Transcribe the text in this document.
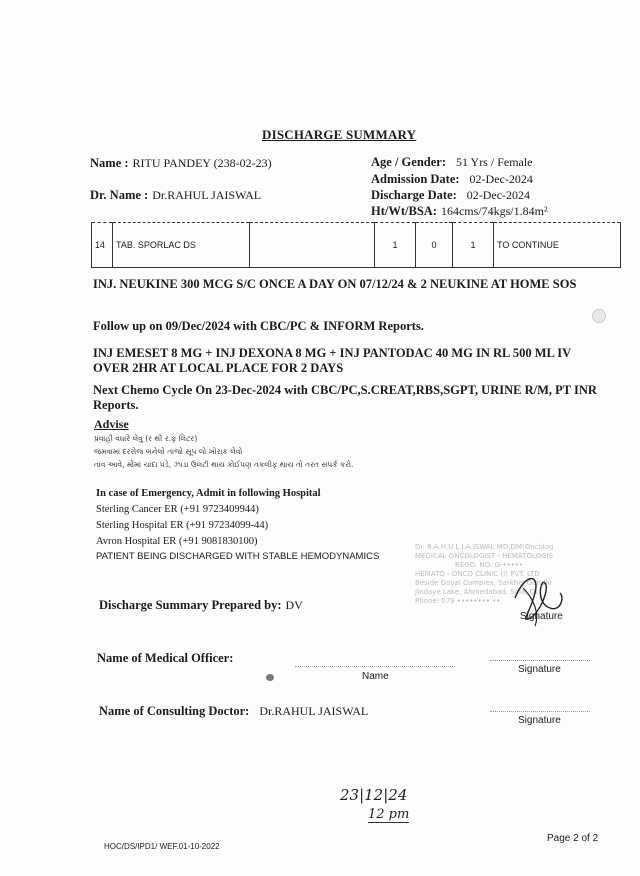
DISCHARGE SUMMARY
Name : RITU PANDEY (238-02-23)
Dr. Name : Dr.RAHUL JAISWAL
Age / Gender: 51 Yrs / Female
Admission Date: 02-Dec-2024
Discharge Date: 02-Dec-2024
Ht/Wt/BSA: 164cms/74kgs/1.84m²
14	TAB. SPORLAC DS		1	0	1	TO CONTINUE
INJ. NEUKINE 300 MCG S/C ONCE A DAY ON 07/12/24 & 2 NEUKINE AT HOME SOS
Follow up on 09/Dec/2024 with CBC/PC & INFORM Reports.
INJ EMESET 8 MG + INJ DEXONA 8 MG + INJ PANTODAC 40 MG IN RL 500 ML IV OVER 2HR AT LOCAL PLACE FOR 2 DAYS
Next Chemo Cycle On 23-Dec-2024 with CBC/PC,S.CREAT,RBS,SGPT, URINE R/M, PT INR Reports.
Advise
પ્રવાહી વધારે લેવુ (ર થી ર.ફ લિટર)
જમવામાં દરરોજ બનેલો તાજો સૂપ લો ખોરાક લેવો
તાવ આવે, મોંમાં ચાંદા પડે, ઝાડા ઉલટી થાય કોઈપણ તકલીફ થાય તો તરત સંપર્ક કરો.
In case of Emergency, Admit in following Hospital
Sterling Cancer ER (+91 9723409944)
Sterling Hospital ER (+91 97234099-44)
Avron Hospital ER (+91 9081830100)
PATIENT BEING DISCHARGED WITH STABLE HEMODYNAMICS
Dr. R.A.H.U.L J.A.ISWAL MD,DM(Oncolog
MEDICAL ONCOLOGIST - HEMATOLOGIS
REGD. NO. G-•••••
HEMATO - ONCO CLINIC (I) PVT. LTD
Beside Goyal Complex, Sarkhej Gandhi
Jindaye Lake, Ahmedabad. Sola, Ol
Phone: 079 •••••••• ••
Discharge Summary Prepared by: DV
Signature
Name of Medical Officer:
Name
Signature
Name of Consulting Doctor: Dr.RAHUL JAISWAL
Signature
23|12|24
12 pm
HOC/DS/IPD1/ WEF.01-10-2022
Page 2 of 2
